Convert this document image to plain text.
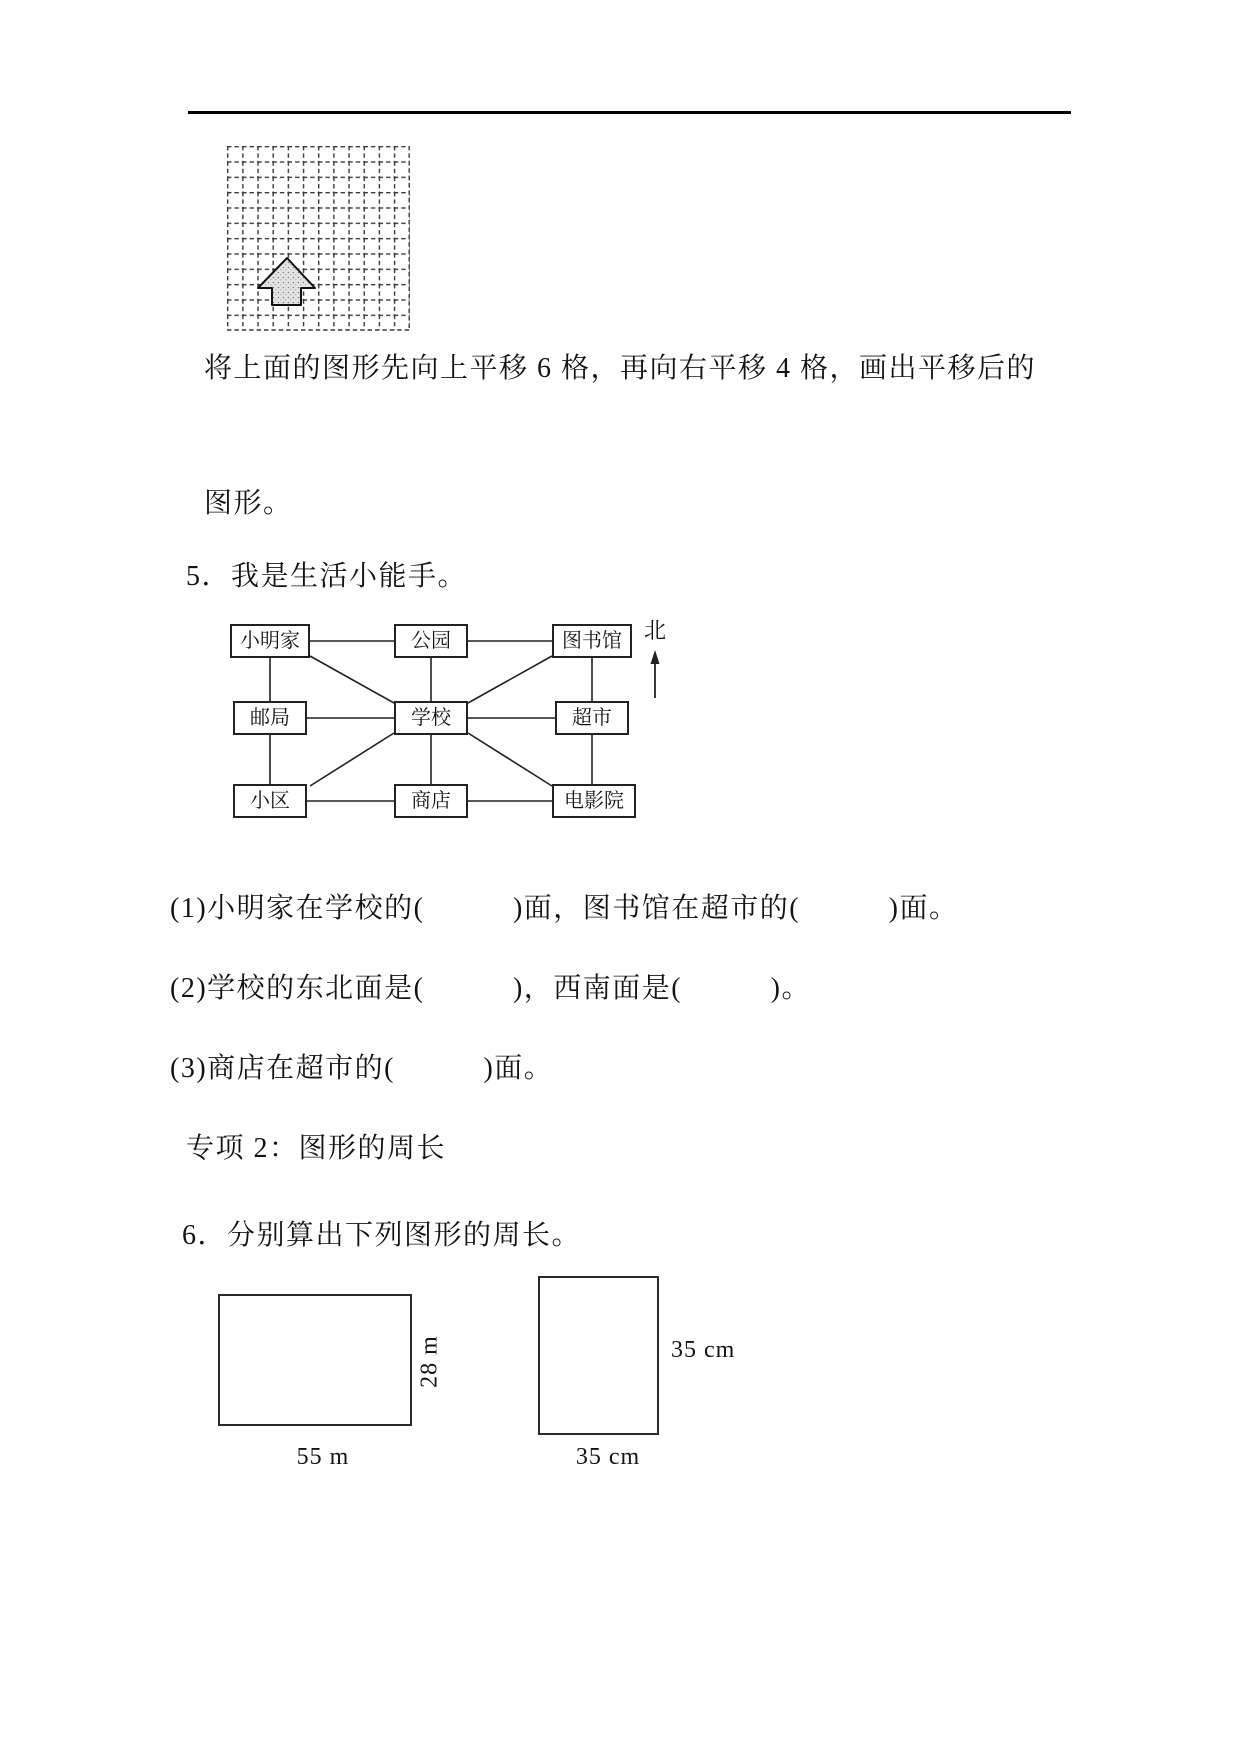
将上面的图形先向上平移 6 格，再向右平移 4 格，画出平移后的
图形。
5．我是生活小能手。
小明家	公园	图书馆
邮局	学校	超市
小区	商店	电影院
北
(1)小明家在学校的(　　　)面，图书馆在超市的(　　　)面。
(2)学校的东北面是(　　　)，西南面是(　　　)。
(3)商店在超市的(　　　)面。
专项 2：图形的周长
6．分别算出下列图形的周长。
28 m
55 m
35 cm
35 cm
